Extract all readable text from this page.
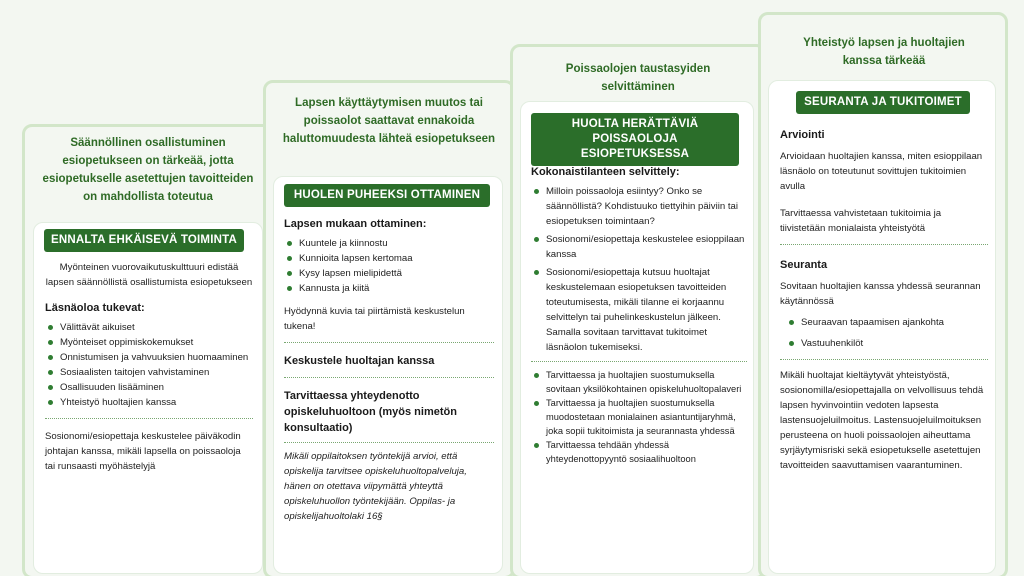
Säännöllinen osallistuminen esiopetukseen on tärkeää, jotta esiopetukselle asetettujen tavoitteiden on mahdollista toteutua
ENNALTA EHKÄISEVÄ TOIMINTA

Myönteinen vuorovaikutuskulttuuri edistää lapsen säännöllistä osallistumista esiopetukseen

Läsnäoloa tukevat:

Välittävät aikuiset
Myönteiset oppimiskokemukset
Onnistumisen ja vahvuuksien huomaaminen
Sosiaalisten taitojen vahvistaminen
Osallisuuden lisääminen
Yhteistyö huoltajien kanssa

Sosionomi/esiopettaja keskustelee päiväkodin johtajan kanssa, mikäli lapsella on poissaoloja tai runsaasti myöhästelyjä

Lapsen käyttäytymisen muutos tai poissaolot saattavat ennakoida haluttomuudesta lähteä esiopetukseen
HUOLEN PUHEEKSI OTTAMINEN

Lapsen mukaan ottaminen:

Kuuntele ja kiinnostu
Kunnioita lapsen kertomaa
Kysy lapsen mielipidettä
Kannusta ja kiitä

Hyödynnä kuvia tai piirtämistä keskustelun tukena!

Keskustele huoltajan kanssa

Tarvittaessa yhteydenotto opiskeluhuoltoon (myös nimetön konsultaatio)

Mikäli oppilaitoksen työntekijä arvioi, että opiskelija tarvitsee opiskeluhuoltopalveluja, hänen on otettava viipymättä yhteyttä opiskeluhuollon työntekijään. Oppilas- ja opiskelijahuoltolaki 16§

Poissaolojen taustasyiden selvittäminen
HUOLTA HERÄTTÄVIÄ POISSAOLOJA ESIOPETUKSESSA

Kokonaistilanteen selvittely:

Milloin poissaoloja esiintyy? Onko se säännöllistä? Kohdistuuko tiettyihin päiviin tai esiopetuksen toimintaan?
Sosionomi/esiopettaja keskustelee esioppilaan kanssa
Sosionomi/esiopettaja kutsuu huoltajat keskustelemaan esiopetuksen tavoitteiden toteutumisesta, mikäli tilanne ei korjaannu selvittelyn tai puhelinkeskustelun jälkeen. Samalla sovitaan tarvittavat tukitoimet läsnäolon tukemiseksi.
Tarvittaessa ja huoltajien suostumuksella sovitaan yksilökohtainen opiskeluhuoltopalaveri
Tarvittaessa ja huoltajien suostumuksella muodostetaan monialainen asiantuntijaryhmä, joka sopii tukitoimista ja seurannasta yhdessä
Tarvittaessa tehdään yhdessä yhteydenottopyyntö sosiaalihuoltoon
Yhteistyö lapsen ja huoltajien kanssa tärkeää
SEURANTA JA TUKITOIMET

Arviointi

Arvioidaan huoltajien kanssa, miten esioppilaan läsnäolo on toteutunut sovittujen tukitoimien avulla

Tarvittaessa vahvistetaan tukitoimia ja tiivistetään monialaista yhteistyötä

Seuranta

Sovitaan huoltajien kanssa yhdessä seurannan käytännössä

Seuraavan tapaamisen ajankohta
Vastuuhenkilöt

Mikäli huoltajat kieltäytyvät yhteistyöstä, sosionomilla/esiopettajalla on velvollisuus tehdä lapsen hyvinvointiin vedoten lapsesta lastensuojeluilmoitus. Lastensuojeluilmoituksen perusteena on huoli poissaolojen aiheuttama syrjäytymisriski sekä esiopetukselle asetettujen tavoitteiden saavuttamisen vaarantuminen.
